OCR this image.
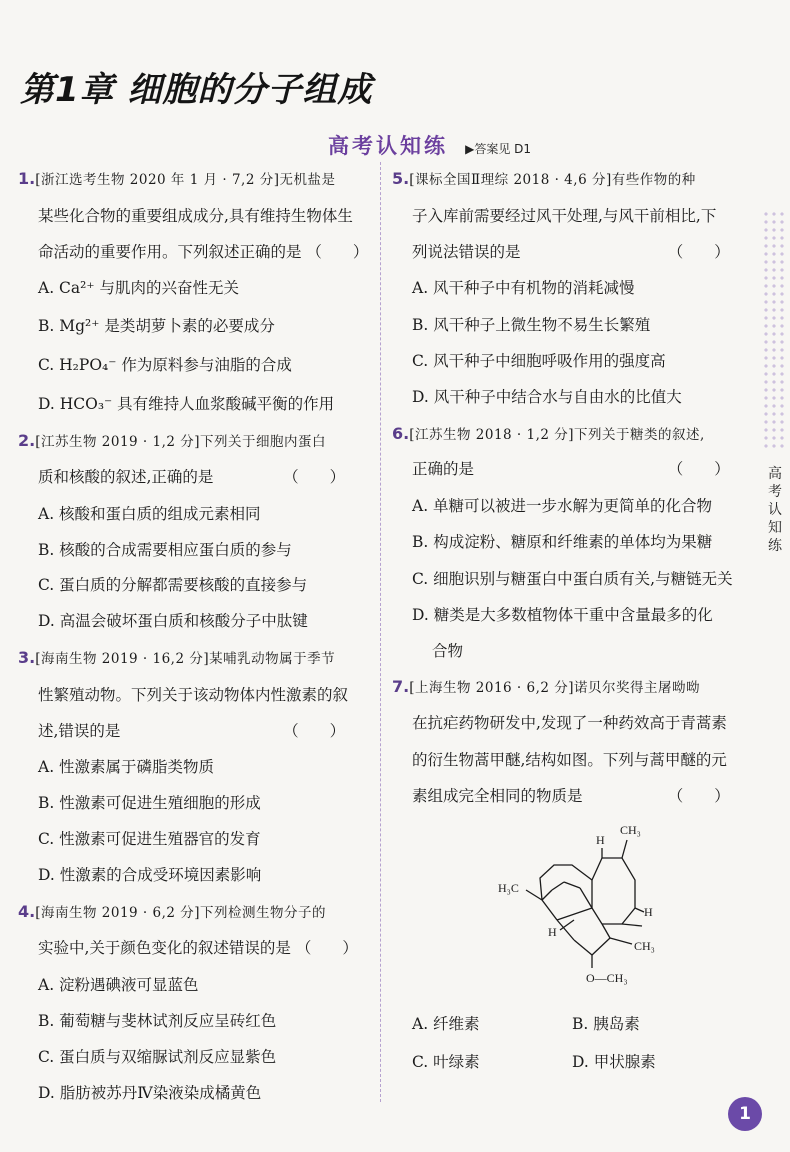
第1章 细胞的分子组成
高考认知练 ▶答案见 D1
1.[浙江选考生物 2020 年 1 月 · 7,2 分]无机盐是
某些化合物的重要组成成分,具有维持生物体生
命活动的重要作用。下列叙述正确的是 （　　）
A. Ca²⁺ 与肌肉的兴奋性无关
B. Mg²⁺ 是类胡萝卜素的必要成分
C. H₂PO₄⁻ 作为原料参与油脂的合成
D. HCO₃⁻ 具有维持人血浆酸碱平衡的作用
2.[江苏生物 2019 · 1,2 分]下列关于细胞内蛋白
质和核酸的叙述,正确的是　　　　　（　　）
A. 核酸和蛋白质的组成元素相同
B. 核酸的合成需要相应蛋白质的参与
C. 蛋白质的分解都需要核酸的直接参与
D. 高温会破坏蛋白质和核酸分子中肽键
3.[海南生物 2019 · 16,2 分]某哺乳动物属于季节
性繁殖动物。下列关于该动物体内性激素的叙
述,错误的是　　　　　　　　　　　（　　）
A. 性激素属于磷脂类物质
B. 性激素可促进生殖细胞的形成
C. 性激素可促进生殖器官的发育
D. 性激素的合成受环境因素影响
4.[海南生物 2019 · 6,2 分]下列检测生物分子的
实验中,关于颜色变化的叙述错误的是 （　　）
A. 淀粉遇碘液可显蓝色
B. 葡萄糖与斐林试剂反应呈砖红色
C. 蛋白质与双缩脲试剂反应显紫色
D. 脂肪被苏丹Ⅳ染液染成橘黄色
5.[课标全国Ⅱ理综 2018 · 4,6 分]有些作物的种
子入库前需要经过风干处理,与风干前相比,下
列说法错误的是　　　　　　　　　　（　　）
A. 风干种子中有机物的消耗减慢
B. 风干种子上微生物不易生长繁殖
C. 风干种子中细胞呼吸作用的强度高
D. 风干种子中结合水与自由水的比值大
6.[江苏生物 2018 · 1,2 分]下列关于糖类的叙述,
正确的是　　　　　　　　　　　　　（　　）
A. 单糖可以被进一步水解为更简单的化合物
B. 构成淀粉、糖原和纤维素的单体均为果糖
C. 细胞识别与糖蛋白中蛋白质有关,与糖链无关
D. 糖类是大多数植物体干重中含量最多的化
合物
7.[上海生物 2016 · 6,2 分]诺贝尔奖得主屠呦呦
在抗疟药物研发中,发现了一种药效高于青蒿素
的衍生物蒿甲醚,结构如图。下列与蒿甲醚的元
素组成完全相同的物质是　　　　　　（　　）
A. 纤维素	B. 胰岛素
C. 叶绿素	D. 甲状腺素
CH₃
H
H₃C
H
H
CH₃
O—CH₃
高考认知练
1
